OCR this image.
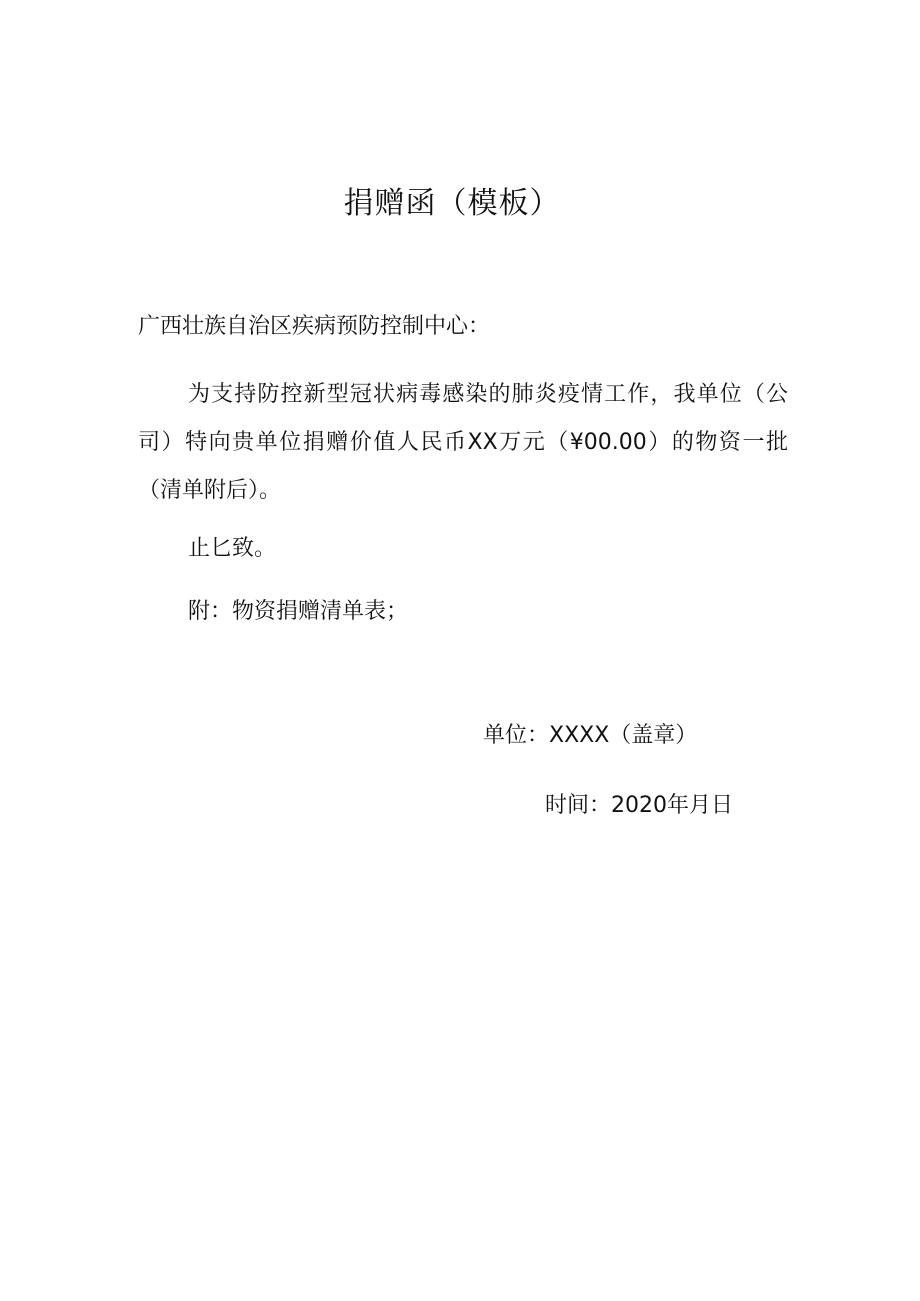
捐赠函（模板）
广西壮族自治区疾病预防控制中心：
为支持防控新型冠状病毒感染的肺炎疫情工作，我单位（公司）特向贵单位捐赠价值人民币XX万元（¥00.00）的物资一批（清单附后）。
止匕致。
附：物资捐赠清单表；
单位：XXXX（盖章）
时间：2020年月日
